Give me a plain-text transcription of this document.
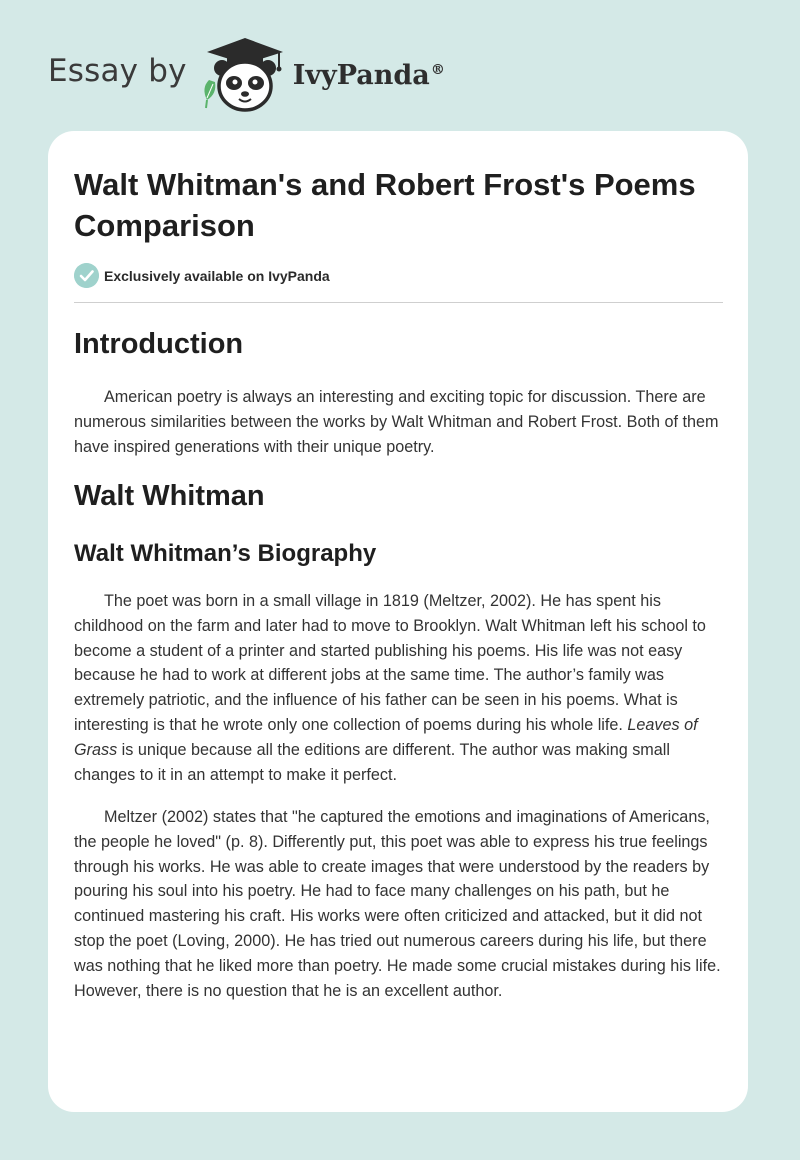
Essay by	IvyPanda®
Walt Whitman's and Robert Frost's Poems Comparison
Exclusively available on IvyPanda
Introduction

American poetry is always an interesting and exciting topic for discussion. There are numerous similarities between the works by Walt Whitman and Robert Frost. Both of them have inspired generations with their unique poetry.

Walt Whitman
Walt Whitman’s Biography

The poet was born in a small village in 1819 (Meltzer, 2002). He has spent his childhood on the farm and later had to move to Brooklyn. Walt Whitman left his school to become a student of a printer and started publishing his poems. His life was not easy because he had to work at different jobs at the same time. The author’s family was extremely patriotic, and the influence of his father can be seen in his poems. What is interesting is that he wrote only one collection of poems during his whole life. Leaves of Grass is unique because all the editions are different. The author was making small changes to it in an attempt to make it perfect.

Meltzer (2002) states that "he captured the emotions and imaginations of Americans, the people he loved" (p. 8). Differently put, this poet was able to express his true feelings through his works. He was able to create images that were understood by the readers by pouring his soul into his poetry. He had to face many challenges on his path, but he continued mastering his craft. His works were often criticized and attacked, but it did not stop the poet (Loving, 2000). He has tried out numerous careers during his life, but there was nothing that he liked more than poetry. He made some crucial mistakes during his life. However, there is no question that he is an excellent author.
